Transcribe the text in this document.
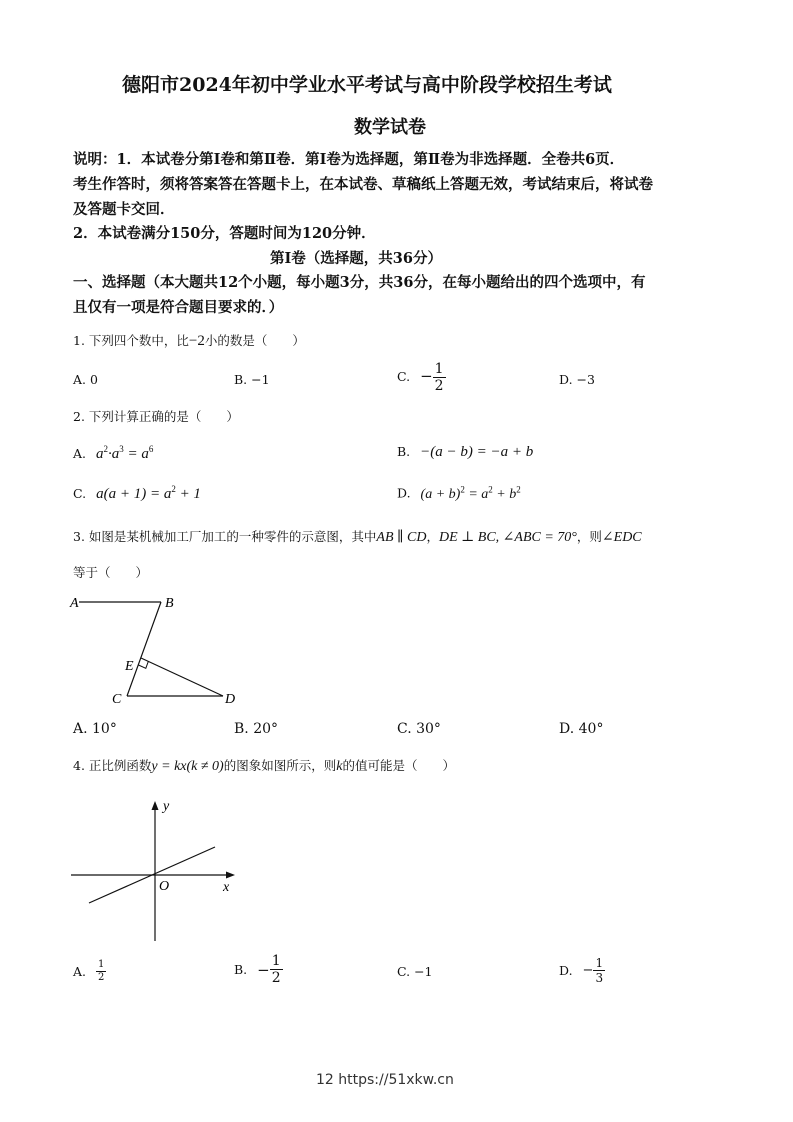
德阳市2024年初中学业水平考试与高中阶段学校招生考试
数学试卷
说明：1．本试卷分第Ⅰ卷和第Ⅱ卷．第Ⅰ卷为选择题，第Ⅱ卷为非选择题．全卷共6页．
考生作答时，须将答案答在答题卡上，在本试卷、草稿纸上答题无效，考试结束后，将试卷
及答题卡交回．
2．本试卷满分150分，答题时间为120分钟．
第Ⅰ卷（选择题，共36分）
一、选择题（本大题共12个小题，每小题3分，共36分，在每小题给出的四个选项中，有
且仅有一项是符合题目要求的．）
1. 下列四个数中，比−2小的数是（　　）
A. 0	B. −1	C. − $\frac{1}{2}$	D. −3
2. 下列计算正确的是（　　）
A. $a^2\cdot a^3 = a^6$	B. −(a − b) = −a + b
C. $a(a + 1) = a^2 + 1$	D. $(a + b)^2 = a^2 + b^2$
3. 如图是某机械加工厂加工的一种零件的示意图，其中AB ∥ CD，DE ⊥ BC, ∠ABC = 70°，则∠EDC
等于（　　）
A	B
E
C	D
A. 10°	B. 20°	C. 30°	D. 40°
4. 正比例函数y = kx(k ≠ 0)的图象如图所示，则k的值可能是（　　）
y
x
O
A. $\frac{1}{2}$	B. − $\frac{1}{2}$	C. −1	D. − $\frac{1}{3}$
12 https://51xkw.cn
